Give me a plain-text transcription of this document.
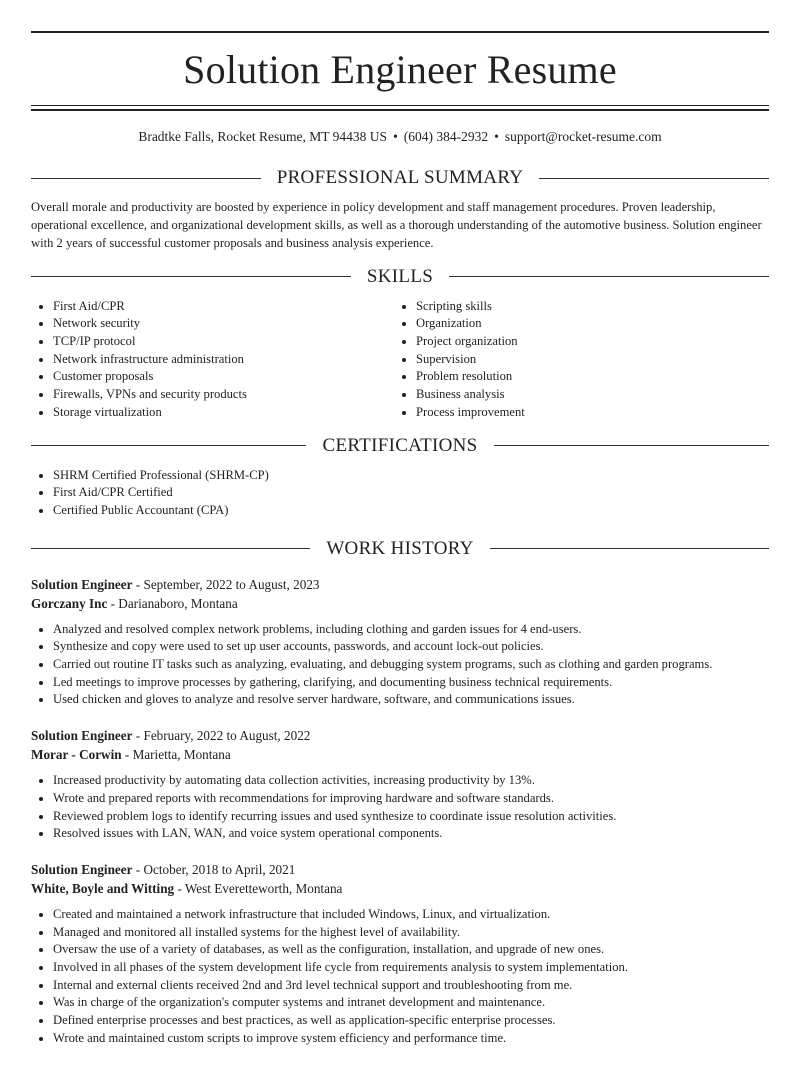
Solution Engineer Resume
Bradtke Falls, Rocket Resume, MT 94438 US • (604) 384-2932 • support@rocket-resume.com
PROFESSIONAL SUMMARY

Overall morale and productivity are boosted by experience in policy development and staff management procedures. Proven leadership, operational excellence, and organizational development skills, as well as a thorough understanding of the automotive business. Solution engineer with 2 years of successful customer proposals and business analysis experience.

SKILLS
First Aid/CPR
Network security
TCP/IP protocol
Network infrastructure administration
Customer proposals
Firewalls, VPNs and security products
Storage virtualization
Scripting skills
Organization
Project organization
Supervision
Problem resolution
Business analysis
Process improvement
CERTIFICATIONS
SHRM Certified Professional (SHRM-CP)
First Aid/CPR Certified
Certified Public Accountant (CPA)
WORK HISTORY
Solution Engineer - September, 2022 to August, 2023
Gorczany Inc - Darianaboro, Montana
Analyzed and resolved complex network problems, including clothing and garden issues for 4 end-users.
Synthesize and copy were used to set up user accounts, passwords, and account lock-out policies.
Carried out routine IT tasks such as analyzing, evaluating, and debugging system programs, such as clothing and garden programs.
Led meetings to improve processes by gathering, clarifying, and documenting business technical requirements.
Used chicken and gloves to analyze and resolve server hardware, software, and communications issues.
Solution Engineer - February, 2022 to August, 2022
Morar - Corwin - Marietta, Montana
Increased productivity by automating data collection activities, increasing productivity by 13%.
Wrote and prepared reports with recommendations for improving hardware and software standards.
Reviewed problem logs to identify recurring issues and used synthesize to coordinate issue resolution activities.
Resolved issues with LAN, WAN, and voice system operational components.
Solution Engineer - October, 2018 to April, 2021
White, Boyle and Witting - West Everetteworth, Montana
Created and maintained a network infrastructure that included Windows, Linux, and virtualization.
Managed and monitored all installed systems for the highest level of availability.
Oversaw the use of a variety of databases, as well as the configuration, installation, and upgrade of new ones.
Involved in all phases of the system development life cycle from requirements analysis to system implementation.
Internal and external clients received 2nd and 3rd level technical support and troubleshooting from me.
Was in charge of the organization's computer systems and intranet development and maintenance.
Defined enterprise processes and best practices, as well as application-specific enterprise processes.
Wrote and maintained custom scripts to improve system efficiency and performance time.
